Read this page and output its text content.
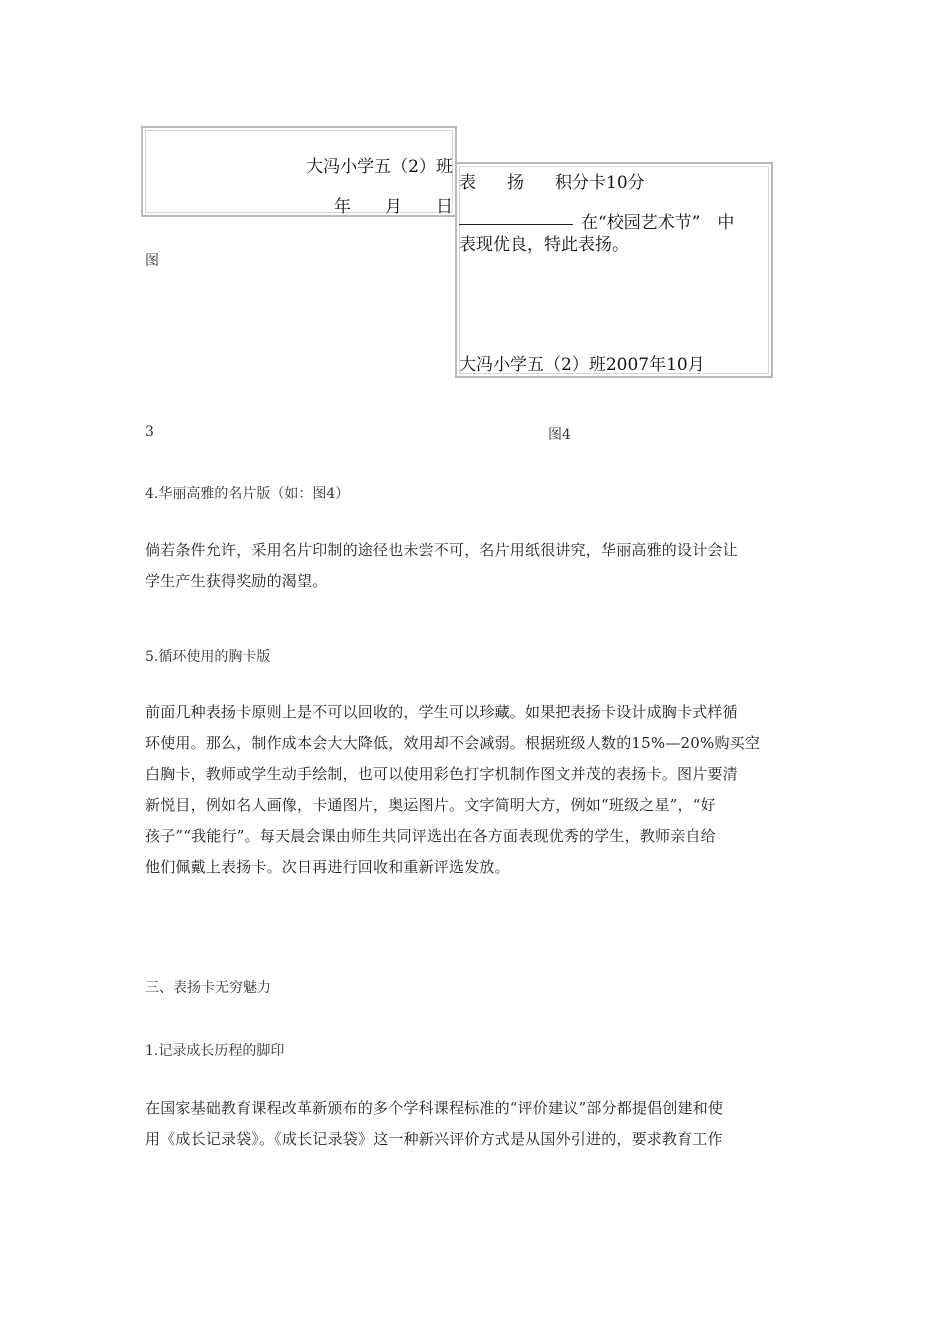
大冯小学五（2）班
年　　月　　日
表 扬 积分卡10分
在“校园艺术节”　中
表现优良，特此表扬。
大冯小学五（2）班2007年10月
图
3	图4
4.华丽高雅的名片版（如：图4）
倘若条件允许，采用名片印制的途径也未尝不可，名片用纸很讲究，华丽高雅的设计会让
学生产生获得奖励的渴望。
5.循环使用的胸卡版
前面几种表扬卡原则上是不可以回收的，学生可以珍藏。如果把表扬卡设计成胸卡式样循
环使用。那么，制作成本会大大降低，效用却不会减弱。根据班级人数的15%—20%购买空
白胸卡，教师或学生动手绘制，也可以使用彩色打字机制作图文并茂的表扬卡。图片要清
新悦目，例如名人画像，卡通图片，奥运图片。文字简明大方，例如“班级之星”，“好
孩子”“我能行”。每天晨会课由师生共同评选出在各方面表现优秀的学生，教师亲自给
他们佩戴上表扬卡。次日再进行回收和重新评选发放。
三、表扬卡无穷魅力
1.记录成长历程的脚印
在国家基础教育课程改革新颁布的多个学科课程标准的“评价建议”部分都提倡创建和使
用《成长记录袋》。《成长记录袋》这一种新兴评价方式是从国外引进的，要求教育工作
